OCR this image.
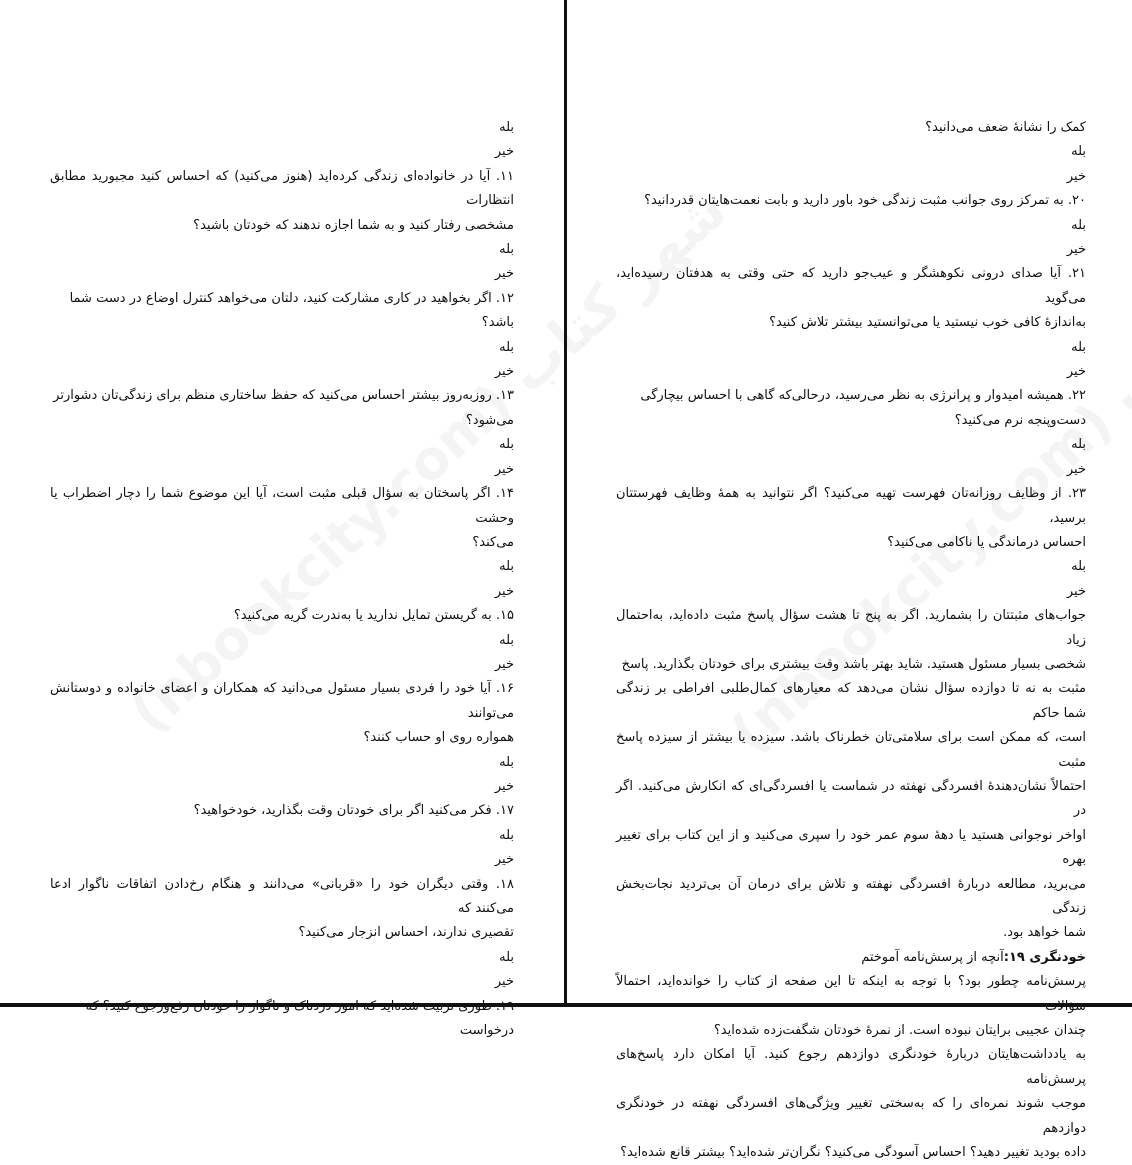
بله

خیر

۱۱. آیا در خانواده‌ای زندگی کرده‌اید (هنوز می‌کنید) که احساس کنید مجبورید مطابق انتظارات

مشخصی رفتار کنید و به شما اجازه ندهند که خودتان باشید؟

بله

خیر

۱۲. اگر بخواهید در کاری مشارکت کنید، دلتان می‌خواهد کنترل اوضاع در دست شما باشد؟

بله

خیر

۱۳. روزبه‌روز بیشتر احساس می‌کنید که حفظ ساختاری منظم برای زندگی‌تان دشوارتر

می‌شود؟

بله

خیر

۱۴. اگر پاسختان به سؤال قبلی مثبت است، آیا این موضوع شما را دچار اضطراب یا وحشت

می‌کند؟

بله

خیر

۱۵. به گریستن تمایل ندارید یا به‌ندرت گریه می‌کنید؟

بله

خیر

۱۶. آیا خود را فردی بسیار مسئول می‌دانید که همکاران و اعضای خانواده و دوستانش می‌توانند

همواره روی او حساب کنند؟

بله

خیر

۱۷. فکر می‌کنید اگر برای خودتان وقت بگذارید، خودخواهید؟

بله

خیر

۱۸. وقتی دیگران خود را «قربانی» می‌دانند و هنگام رخ‌دادن اتفاقات ناگوار ادعا می‌کنند که

تقصیری ندارند، احساس انزجار می‌کنید؟

بله

خیر

درخواست

کمک را نشانهٔ ضعف می‌دانید؟

بله

خیر

۲۰. به تمرکز روی جوانب مثبت زندگی خود باور دارید و بابت نعمت‌هایتان قدردانید؟

بله

خیر

۲۱. آیا صدای درونی نکوهشگر و عیب‌جو دارید که حتی وقتی به هدفتان رسیده‌اید، می‌گوید

به‌اندازهٔ کافی خوب نیستید یا می‌توانستید بیشتر تلاش کنید؟

بله

خیر

۲۲. همیشه امیدوار و پرانرژی به نظر می‌رسید، درحالی‌که گاهی با احساس بیچارگی

دست‌وپنجه نرم می‌کنید؟

بله

خیر

۲۳. از وظایف روزانه‌تان فهرست تهیه می‌کنید؟ اگر نتوانید به همهٔ وظایف فهرستتان برسید،

احساس درماندگی یا ناکامی می‌کنید؟

بله

خیر

جواب‌های مثبتتان را بشمارید. اگر به پنج تا هشت سؤال پاسخ مثبت داده‌اید، به‌احتمال زیاد

شخصی بسیار مسئول هستید. شاید بهتر باشد وقت بیشتری برای خودتان بگذارید. پاسخ

مثبت به نه تا دوازده سؤال نشان می‌دهد که معیارهای کمال‌طلبی افراطی بر زندگی شما حاکم

است، که ممکن است برای سلامتی‌تان خطرناک باشد. سیزده یا بیشتر از سیزده پاسخ مثبت

احتمالاً نشان‌دهندهٔ افسردگی نهفته در شماست یا افسردگی‌ای که انکارش می‌کنید. اگر در

اواخر نوجوانی هستید یا دههٔ سوم عمر خود را سپری می‌کنید و از این کتاب برای تغییر بهره

می‌برید، مطالعه دربارهٔ افسردگی نهفته و تلاش برای درمان آن بی‌تردید نجات‌بخش زندگی

شما خواهد بود.

خودنگری ۱۹:آنچه از پرسش‌نامه آموختم

پرسش‌نامه چطور بود؟ با توجه به اینکه تا این صفحه از کتاب را خوانده‌اید، احتمالاً

چندان عجیبی برایتان نبوده است. از نمرهٔ خودتان شگفت‌زده شده‌اید؟

به یادداشت‌هایتان دربارهٔ خودنگری دوازدهم رجوع کنید. آیا امکان دارد پاسخ‌های پرسش‌نامه

موجب شوند نمره‌ای را که به‌سختی تغییر ویژگی‌های افسردگی نهفته در خودنگری دوازدهم

داده بودید تغییر دهید؟ احساس آسودگی می‌کنید؟ نگران‌تر شده‌اید؟ بیشتر قانع شده‌اید؟
